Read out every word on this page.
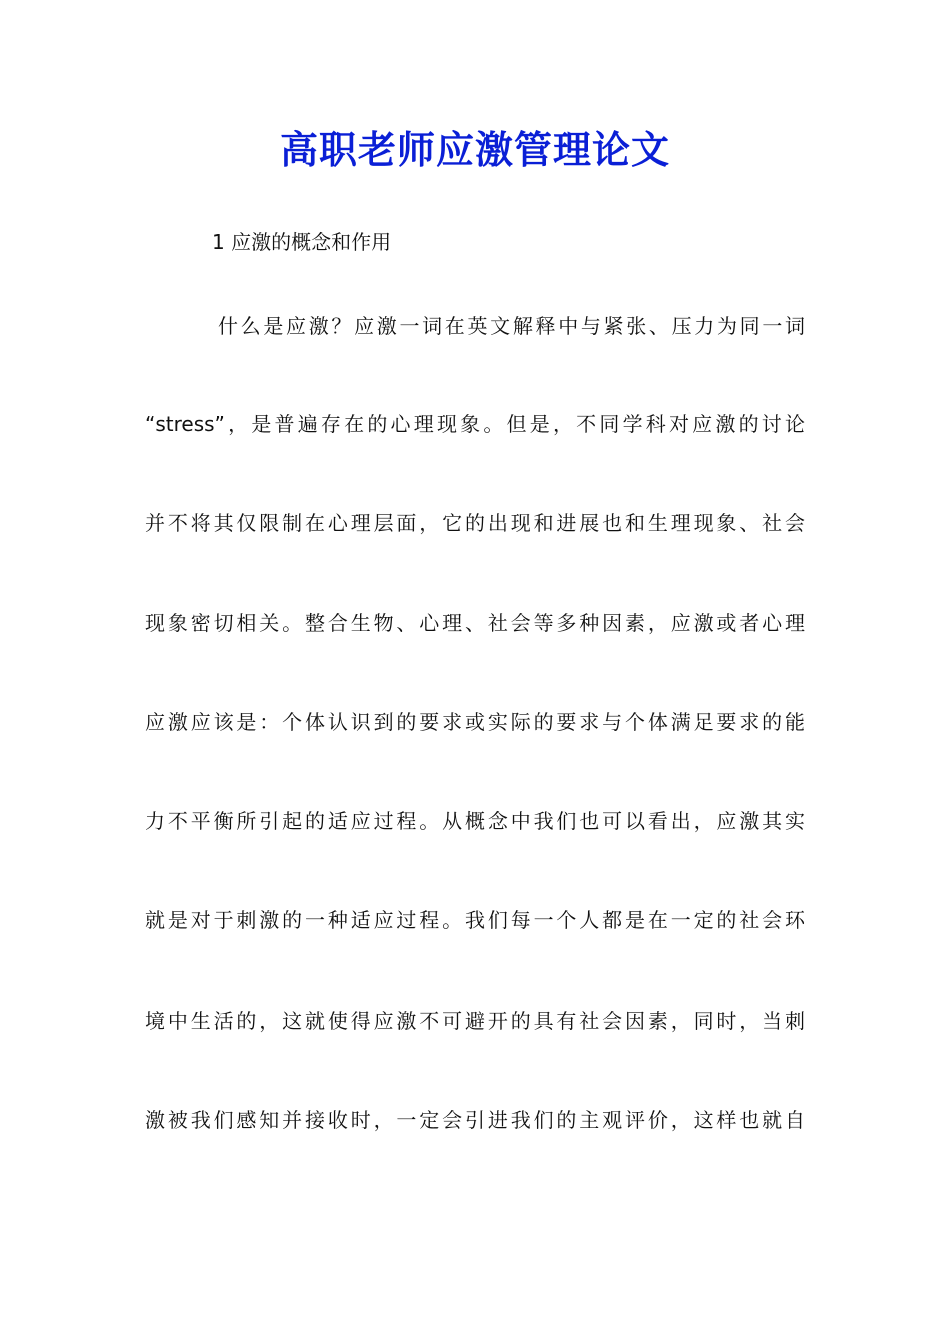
高职老师应激管理论文

1 应激的概念和作用

什么是应激？应激一词在英文解释中与紧张、压力为同一词

“stress”，是普遍存在的心理现象。但是，不同学科对应激的讨论

并不将其仅限制在心理层面，它的出现和进展也和生理现象、社会

现象密切相关。整合生物、心理、社会等多种因素，应激或者心理

应激应该是：个体认识到的要求或实际的要求与个体满足要求的能

力不平衡所引起的适应过程。从概念中我们也可以看出，应激其实

就是对于刺激的一种适应过程。我们每一个人都是在一定的社会环

境中生活的，这就使得应激不可避开的具有社会因素，同时，当刺

激被我们感知并接收时，一定会引进我们的主观评价，这样也就自
